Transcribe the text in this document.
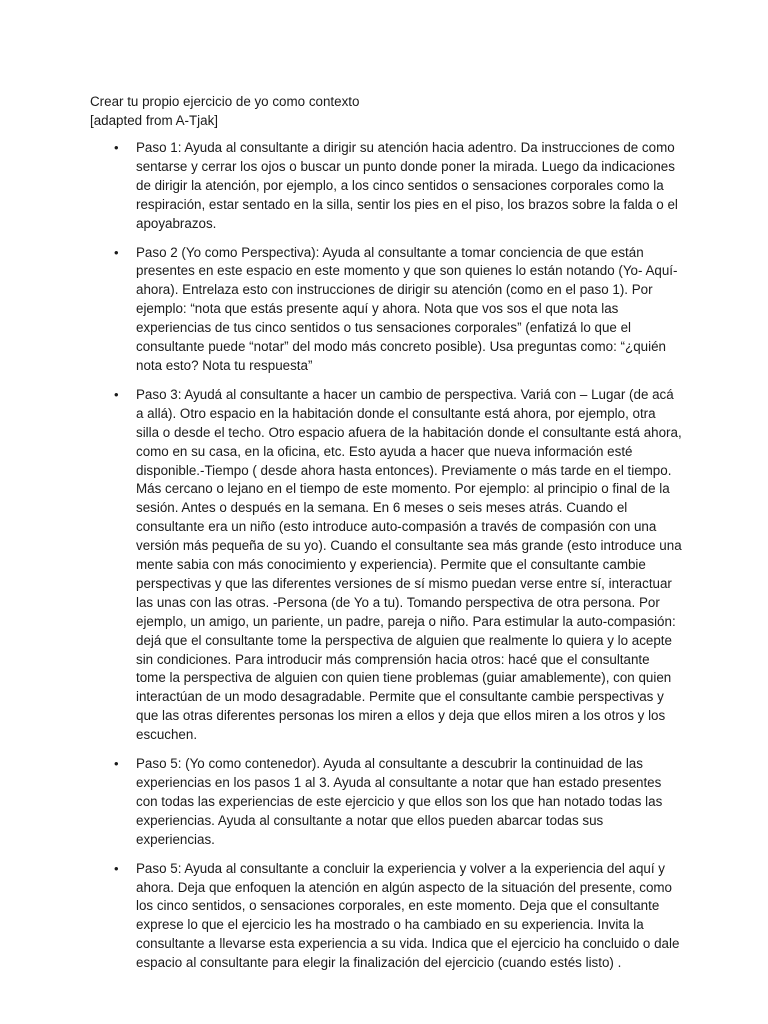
Crear tu propio ejercicio de yo como contexto
[adapted from A-Tjak]
• Paso 1: Ayuda al consultante a dirigir su atención hacia adentro. Da instrucciones de como sentarse y cerrar los ojos o buscar un punto donde poner la mirada. Luego da indicaciones de dirigir la atención, por ejemplo, a los cinco sentidos o sensaciones corporales como la respiración, estar sentado en la silla, sentir los pies en el piso, los brazos sobre la falda o el apoyabrazos.
• Paso 2 (Yo como Perspectiva): Ayuda al consultante a tomar conciencia de que están presentes en este espacio en este momento y que son quienes lo están notando (Yo- Aquí-ahora). Entrelaza esto con instrucciones de dirigir su atención (como en el paso 1). Por ejemplo: “nota que estás presente aquí y ahora. Nota que vos sos el que nota las experiencias de tus cinco sentidos o tus sensaciones corporales” (enfatizá lo que el consultante puede “notar” del modo más concreto posible). Usa preguntas como: “¿quién nota esto? Nota tu respuesta”
• Paso 3: Ayudá al consultante a hacer un cambio de perspectiva. Variá con – Lugar (de acá a allá). Otro espacio en la habitación donde el consultante está ahora, por ejemplo, otra silla o desde el techo. Otro espacio afuera de la habitación donde el consultante está ahora, como en su casa, en la oficina, etc. Esto ayuda a hacer que nueva información esté disponible.-Tiempo ( desde ahora hasta entonces). Previamente o más tarde en el tiempo. Más cercano o lejano en el tiempo de este momento. Por ejemplo: al principio o final de la sesión. Antes o después en la semana. En 6 meses o seis meses atrás. Cuando el consultante era un niño (esto introduce auto-compasión a través de compasión con una versión más pequeña de su yo). Cuando el consultante sea más grande (esto introduce una mente sabia con más conocimiento y experiencia). Permite que el consultante cambie perspectivas y que las diferentes versiones de sí mismo puedan verse entre sí, interactuar las unas con las otras. -Persona (de Yo a tu). Tomando perspectiva de otra persona. Por ejemplo, un amigo, un pariente, un padre, pareja o niño. Para estimular la auto-compasión: dejá que el consultante tome la perspectiva de alguien que realmente lo quiera y lo acepte sin condiciones. Para introducir más comprensión hacia otros: hacé que el consultante tome la perspectiva de alguien con quien tiene problemas (guiar amablemente), con quien interactúan de un modo desagradable. Permite que el consultante cambie perspectivas y que las otras diferentes personas los miren a ellos y deja que ellos miren a los otros y los escuchen.
• Paso 5: (Yo como contenedor). Ayuda al consultante a descubrir la continuidad de las experiencias en los pasos 1 al 3. Ayuda al consultante a notar que han estado presentes con todas las experiencias de este ejercicio y que ellos son los que han notado todas las experiencias. Ayuda al consultante a notar que ellos pueden abarcar todas sus experiencias.
• Paso 5: Ayuda al consultante a concluir la experiencia y volver a la experiencia del aquí y ahora. Deja que enfoquen la atención en algún aspecto de la situación del presente, como los cinco sentidos, o sensaciones corporales, en este momento. Deja que el consultante exprese lo que el ejercicio les ha mostrado o ha cambiado en su experiencia. Invita la consultante a llevarse esta experiencia a su vida. Indica que el ejercicio ha concluido o dale espacio al consultante para elegir la finalización del ejercicio (cuando estés listo) .
